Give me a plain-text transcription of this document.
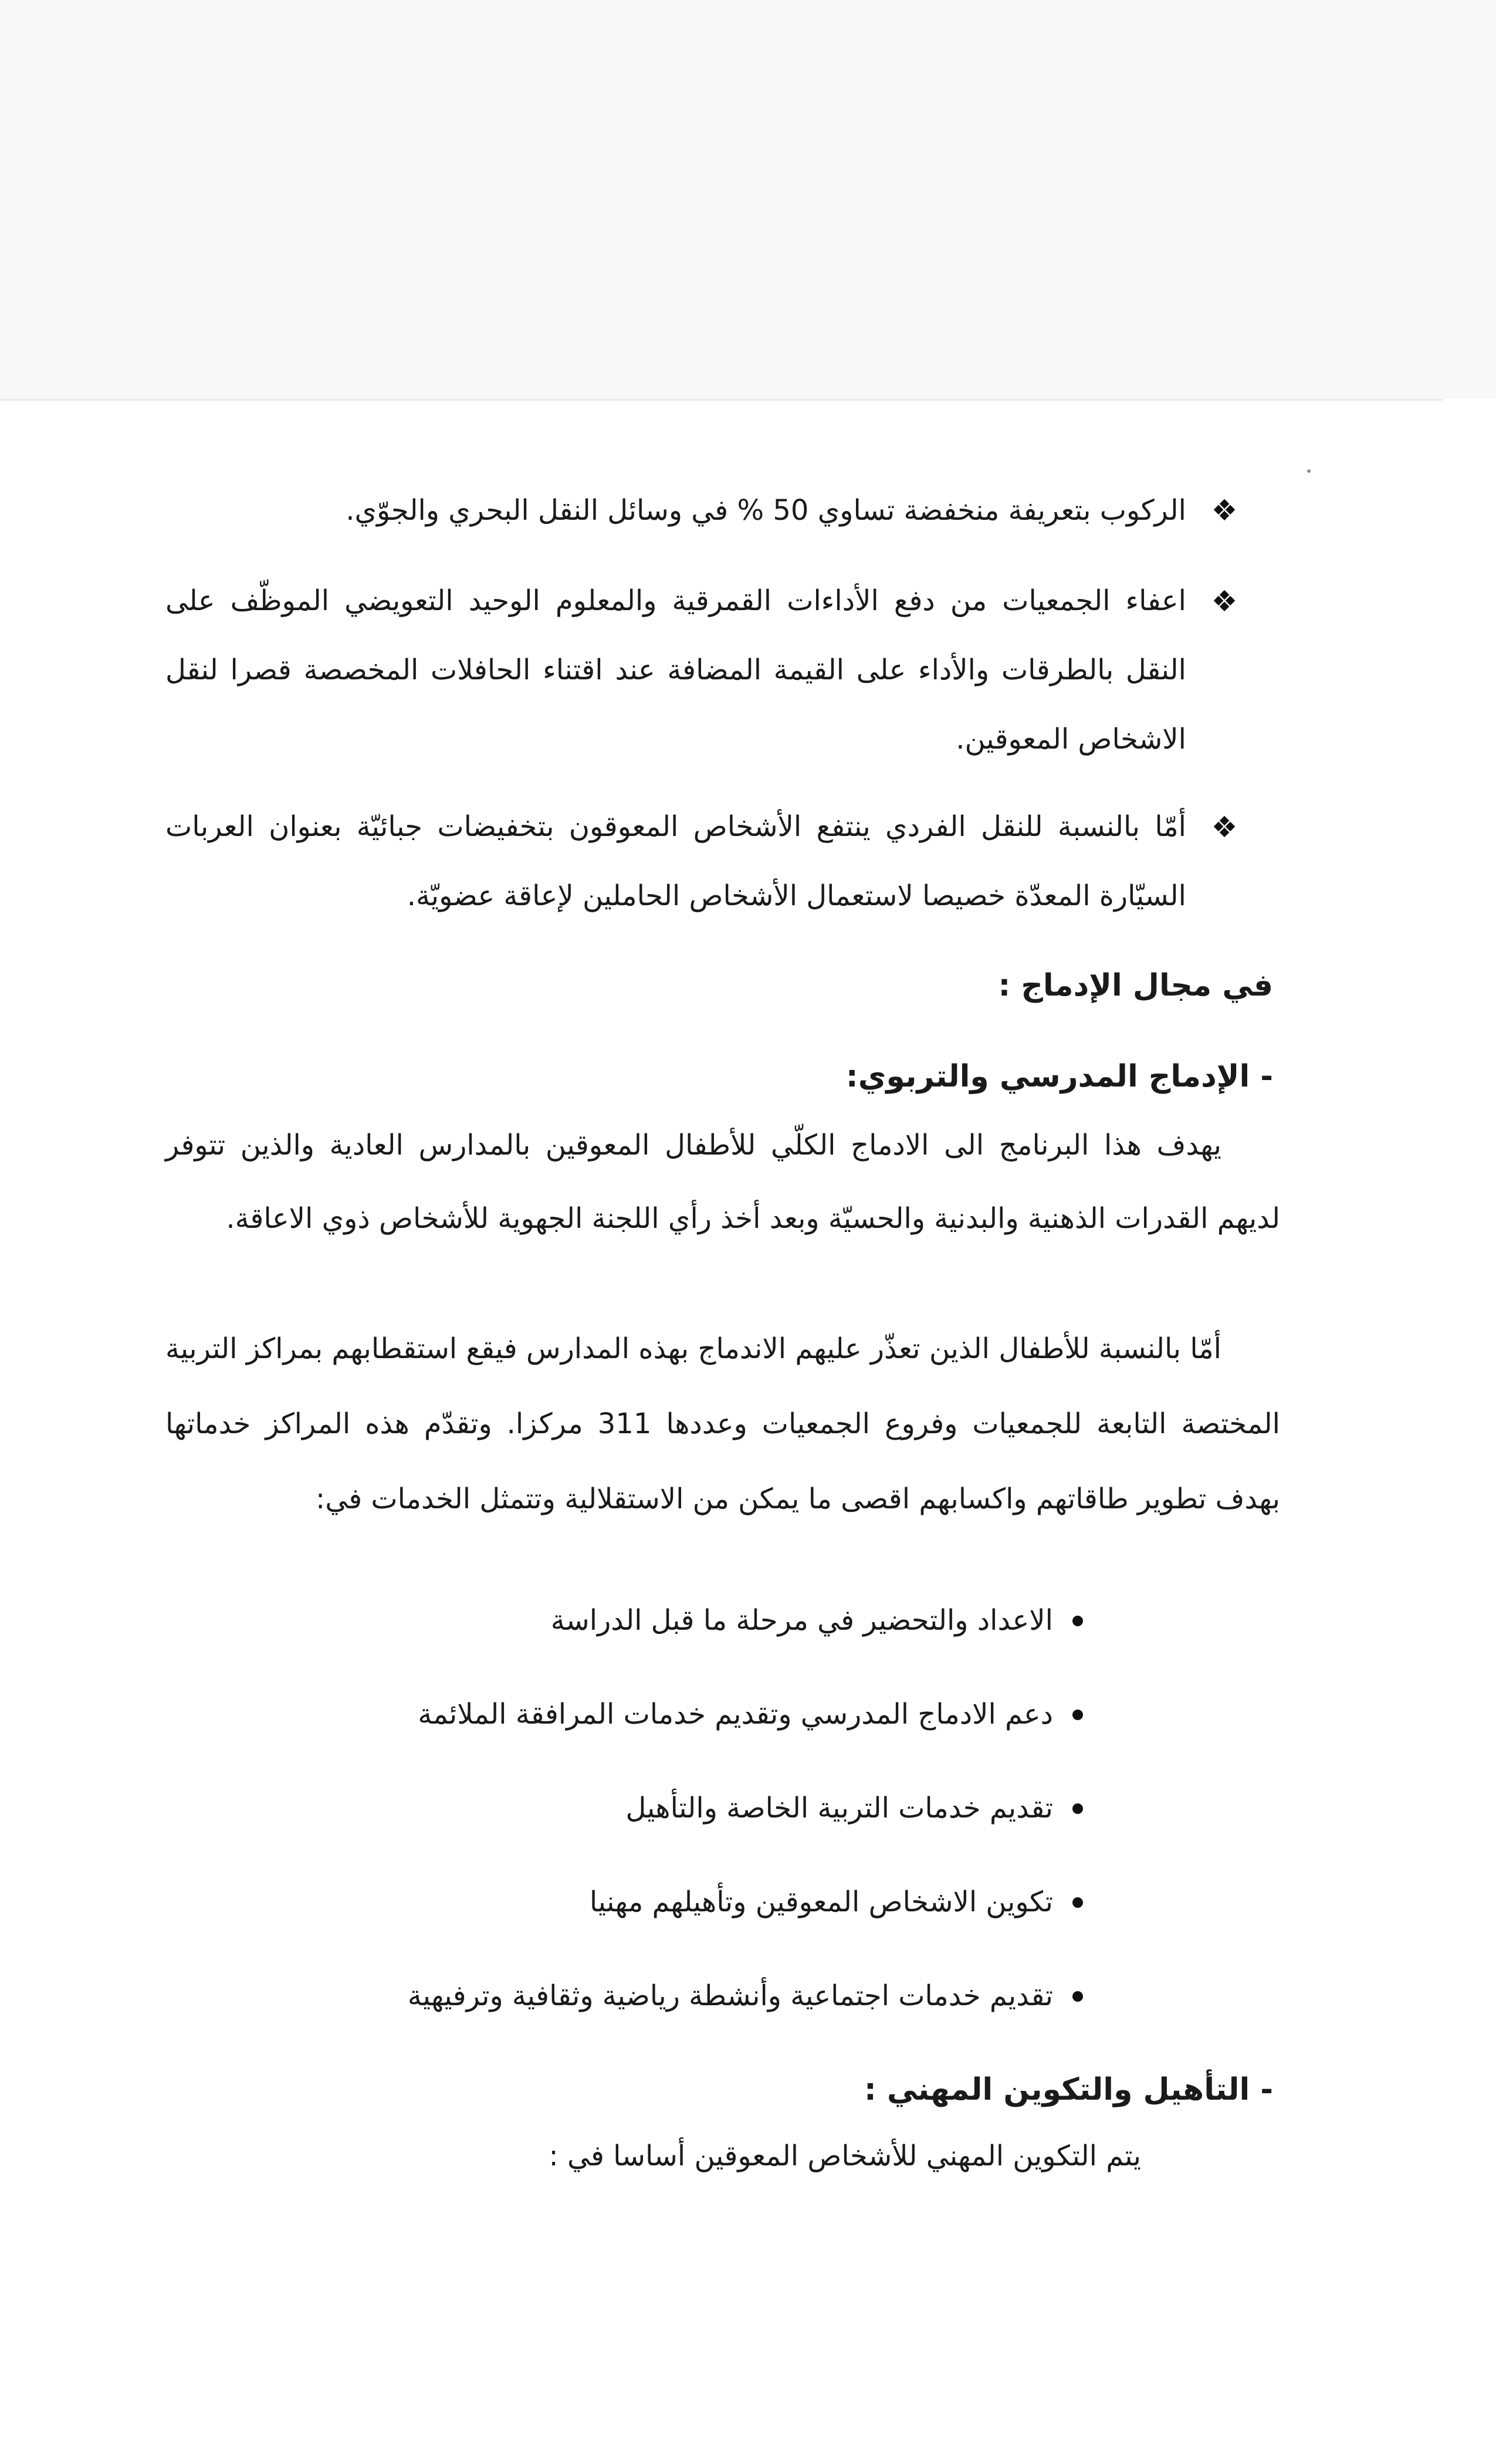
❖
الركوب بتعريفة منخفضة تساوي 50 % في وسائل النقل البحري والجوّي.
❖
اعفاء الجمعيات من دفع الأداءات القمرقية والمعلوم الوحيد التعويضي الموظّف على النقل بالطرقات والأداء على القيمة المضافة عند اقتناء الحافلات المخصصة قصرا لنقل الاشخاص المعوقين.
❖
أمّا بالنسبة للنقل الفردي ينتفع الأشخاص المعوقون بتخفيضات جبائيّة بعنوان العربات السيّارة المعدّة خصيصا لاستعمال الأشخاص الحاملين لإعاقة عضويّة.
في مجال الإدماج :
- الإدماج المدرسي والتربوي:
يهدف هذا البرنامج الى الادماج الكلّي للأطفال المعوقين بالمدارس العادية والذين تتوفر لديهم القدرات الذهنية والبدنية والحسيّة وبعد أخذ رأي اللجنة الجهوية للأشخاص ذوي الاعاقة.
أمّا بالنسبة للأطفال الذين تعذّر عليهم الاندماج بهذه المدارس فيقع استقطابهم بمراكز التربية المختصة التابعة للجمعيات وفروع الجمعيات وعددها 311 مركزا. وتقدّم هذه المراكز خدماتها بهدف تطوير طاقاتهم واكسابهم اقصى ما يمكن من الاستقلالية وتتمثل الخدمات في:
الاعداد والتحضير في مرحلة ما قبل الدراسة
دعم الادماج المدرسي وتقديم خدمات المرافقة الملائمة
تقديم خدمات التربية الخاصة والتأهيل
تكوين الاشخاص المعوقين وتأهيلهم مهنيا
تقديم خدمات اجتماعية وأنشطة رياضية وثقافية وترفيهية
- التأهيل والتكوين المهني :
يتم التكوين المهني للأشخاص المعوقين أساسا في :
